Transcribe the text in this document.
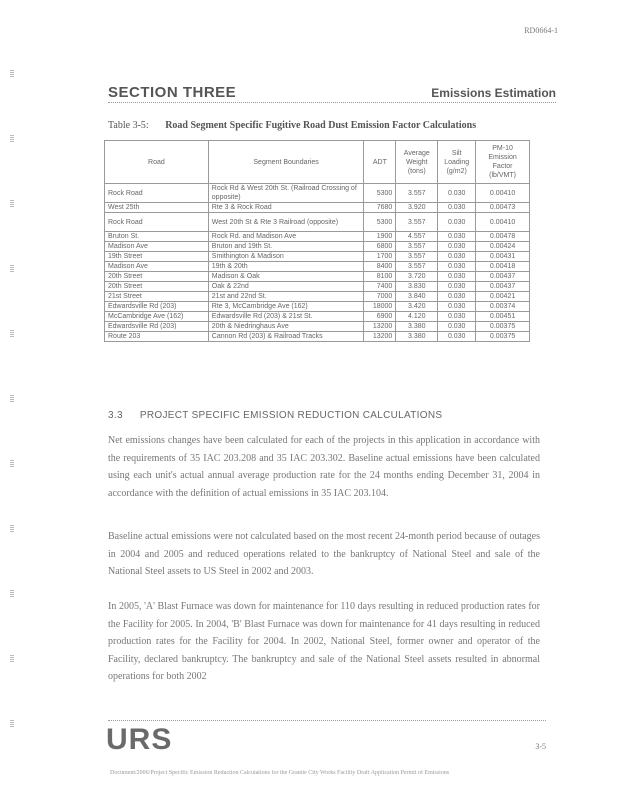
RD0664-1
SECTION THREE	Emissions Estimation
Table 3-5: Road Segment Specific Fugitive Road Dust Emission Factor Calculations
Road	Segment Boundaries	ADT	Average Weight (tons)	Silt Loading (g/m2)	PM-10 Emission Factor (lb/VMT)
Rock Road	Rock Rd & West 20th St. (Railroad Crossing of opposite)	5300	3.557	0.030	0.00410
West 25th	Rte 3 & Rock Road	7680	3.920	0.030	0.00473
Rock Road	West 20th St & Rte 3 Railroad (opposite)	5300	3.557	0.030	0.00410
Bruton St.	Rock Rd. and Madison Ave	1900	4.557	0.030	0.00478
Madison Ave	Bruton and 19th St.	6800	3.557	0.030	0.00424
19th Street	Smithington & Madison	1700	3.557	0.030	0.00431
Madison Ave	19th & 20th	8400	3.557	0.030	0.00418
20th Street	Madison & Oak	8100	3.720	0.030	0.00437
20th Street	Oak & 22nd	7400	3.830	0.030	0.00437
21st Street	21st and 22nd St.	7000	3.840	0.030	0.00421
Edwardsville Rd (203)	Rte 3, McCambridge Ave (162)	18000	3.420	0.030	0.00374
McCambridge Ave (162)	Edwardsville Rd (203) & 21st St.	6900	4.120	0.030	0.00451
Edwardsville Rd (203)	20th & Niedringhaus Ave	13200	3.380	0.030	0.00375
Route 203	Cannon Rd (203) & Railroad Tracks	13200	3.380	0.030	0.00375
3.3 PROJECT SPECIFIC EMISSION REDUCTION CALCULATIONS

Net emissions changes have been calculated for each of the projects in this application in accordance with the requirements of 35 IAC 203.208 and 35 IAC 203.302. Baseline actual emissions have been calculated using each unit's actual annual average production rate for the 24 months ending December 31, 2004 in accordance with the definition of actual emissions in 35 IAC 203.104.

Baseline actual emissions were not calculated based on the most recent 24-month period because of outages in 2004 and 2005 and reduced operations related to the bankruptcy of National Steel and sale of the National Steel assets to US Steel in 2002 and 2003.

In 2005, 'A' Blast Furnace was down for maintenance for 110 days resulting in reduced production rates for the Facility for 2005. In 2004, 'B' Blast Furnace was down for maintenance for 41 days resulting in reduced production rates for the Facility for 2004. In 2002, National Steel, former owner and operator of the Facility, declared bankruptcy. The bankruptcy and sale of the National Steel assets resulted in abnormal operations for both 2002

URS	3-5
Document/2006/Project Specific Emission Reduction Calculations for the Granite City Works Facility Draft Application Permit of Emissions
